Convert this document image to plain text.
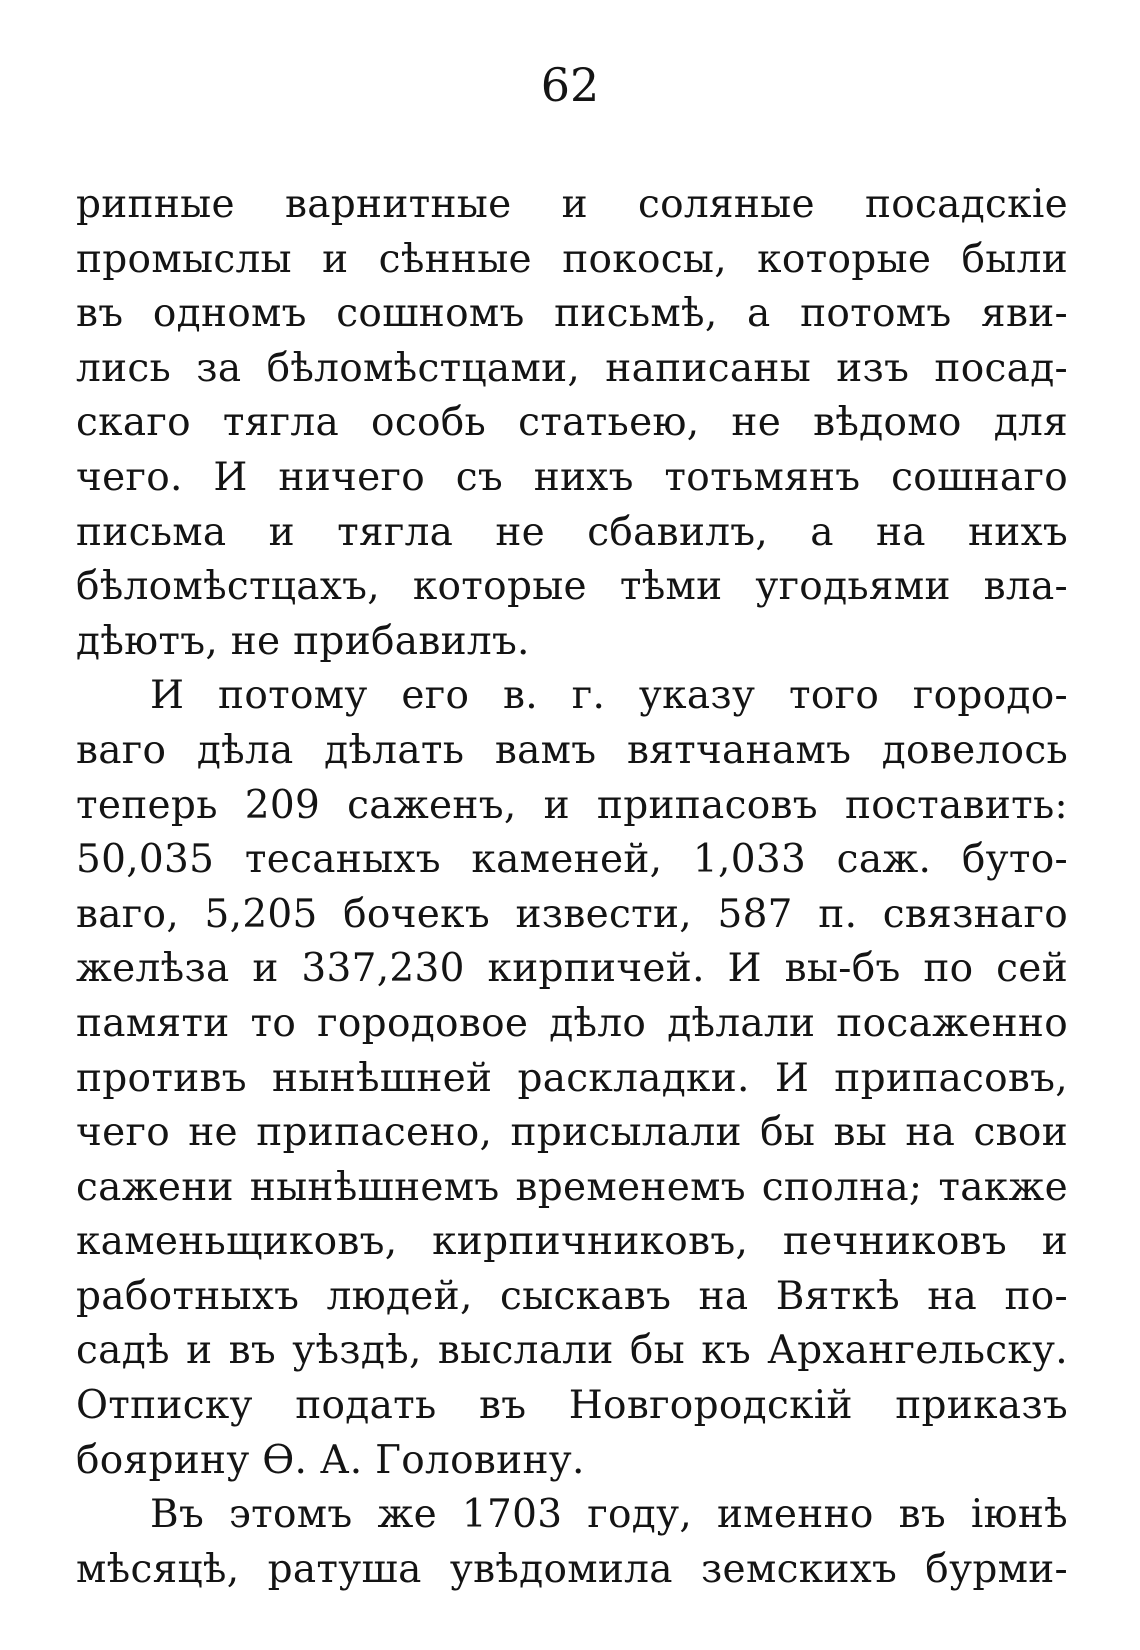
62
рипные варнитные и соляные посадскiе
промыслы и сѣнные покосы, которые были
въ одномъ сошномъ письмѣ, а потомъ яви-
лись за бѣломѣстцами, написаны изъ посад-
скаго тягла особь статьею, не вѣдомо для
чего. И ничего съ нихъ тотьмянъ сошнаго
письма и тягла не сбавилъ, а на нихъ
бѣломѣстцахъ, которые тѣми угодьями вла-
дѣютъ, не прибавилъ.
И потому его в. г. указу того городо-
ваго дѣла дѣлать вамъ вятчанамъ довелось
теперь 209 саженъ, и припасовъ поставить:
50,035 тесаныхъ каменей, 1,033 саж. буто-
ваго, 5,205 бочекъ извести, 587 п. связнаго
желѣза и 337,230 кирпичей. И вы-бъ по сей
памяти то городовое дѣло дѣлали посаженно
противъ нынѣшней раскладки. И припасовъ,
чего не припасено, присылали бы вы на свои
сажени нынѣшнемъ временемъ сполна; также
каменьщиковъ, кирпичниковъ, печниковъ и
работныхъ людей, сыскавъ на Вяткѣ на по-
садѣ и въ уѣздѣ, выслали бы къ Архангельску.
Отписку подать въ Новгородскiй приказъ
боярину Ѳ. А. Головину.
Въ этомъ же 1703 году, именно въ iюнѣ
мѣсяцѣ, ратуша увѣдомила земскихъ бурми-
